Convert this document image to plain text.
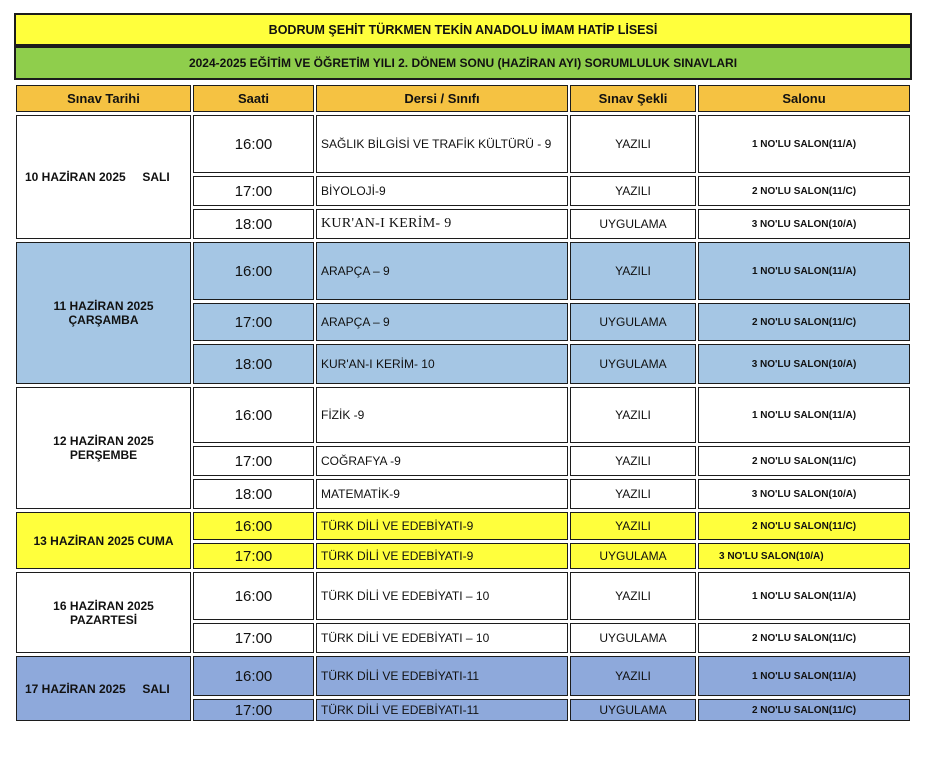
BODRUM ŞEHİT TÜRKMEN TEKİN ANADOLU İMAM HATİP LİSESİ
2024-2025 EĞİTİM VE ÖĞRETİM YILI 2. DÖNEM SONU (HAZİRAN AYI) SORUMLULUK SINAVLARI
Sınav Tarihi	Saati	Dersi / Sınıfı	Sınav Şekli	Salonu
10 HAZİRAN 2025     SALI	16:00	SAĞLIK BİLGİSİ VE TRAFİK KÜLTÜRÜ - 9	YAZILI	1 NO'LU SALON(11/A)
	17:00	BİYOLOJİ-9	YAZILI	2 NO'LU SALON(11/C)
	18:00	KUR'AN-I KERİM- 9	UYGULAMA	3 NO'LU SALON(10/A)

11 HAZİRAN 2025
ÇARŞAMBA	16:00	ARAPÇA – 9	YAZILI	1 NO'LU SALON(11/A)
	17:00	ARAPÇA – 9	UYGULAMA	2 NO'LU SALON(11/C)
	18:00	KUR'AN-I KERİM- 10	UYGULAMA	3 NO'LU SALON(10/A)

12 HAZİRAN 2025
PERŞEMBE	16:00	FİZİK -9	YAZILI	1 NO'LU SALON(11/A)
	17:00	COĞRAFYA -9	YAZILI	2 NO'LU SALON(11/C)
	18:00	MATEMATİK-9	YAZILI	3 NO'LU SALON(10/A)
13 HAZİRAN 2025 CUMA	16:00	TÜRK DİLİ VE EDEBİYATI-9	YAZILI	2 NO'LU SALON(11/C)
	17:00	TÜRK DİLİ VE EDEBİYATI-9	UYGULAMA	3 NO'LU SALON(10/A)

16 HAZİRAN 2025
PAZARTESİ	16:00	TÜRK DİLİ VE EDEBİYATI – 10	YAZILI	1 NO'LU SALON(11/A)
	17:00	TÜRK DİLİ VE EDEBİYATI – 10	UYGULAMA	2 NO'LU SALON(11/C)
17 HAZİRAN 2025     SALI	16:00	TÜRK DİLİ VE EDEBİYATI-11	YAZILI	1 NO'LU SALON(11/A)
	17:00	TÜRK DİLİ VE EDEBİYATI-11	UYGULAMA	2 NO'LU SALON(11/C)
